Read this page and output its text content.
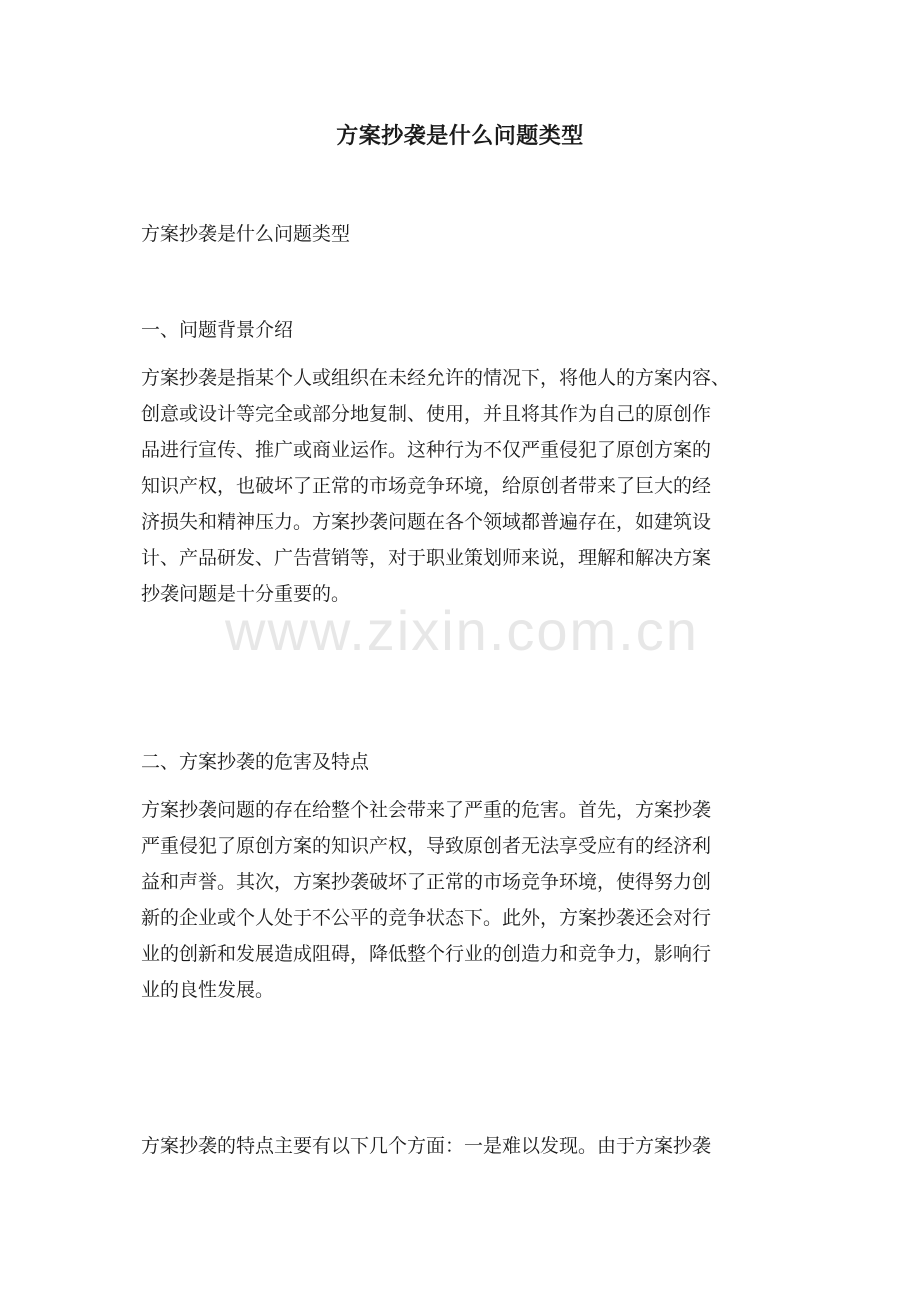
方案抄袭是什么问题类型
方案抄袭是什么问题类型
一、问题背景介绍
方案抄袭是指某个人或组织在未经允许的情况下，将他人的方案内容、
创意或设计等完全或部分地复制、使用，并且将其作为自己的原创作
品进行宣传、推广或商业运作。这种行为不仅严重侵犯了原创方案的
知识产权，也破坏了正常的市场竞争环境，给原创者带来了巨大的经
济损失和精神压力。方案抄袭问题在各个领域都普遍存在，如建筑设
计、产品研发、广告营销等，对于职业策划师来说，理解和解决方案
抄袭问题是十分重要的。
二、方案抄袭的危害及特点
方案抄袭问题的存在给整个社会带来了严重的危害。首先，方案抄袭
严重侵犯了原创方案的知识产权，导致原创者无法享受应有的经济利
益和声誉。其次，方案抄袭破坏了正常的市场竞争环境，使得努力创
新的企业或个人处于不公平的竞争状态下。此外，方案抄袭还会对行
业的创新和发展造成阻碍，降低整个行业的创造力和竞争力，影响行
业的良性发展。
方案抄袭的特点主要有以下几个方面：一是难以发现。由于方案抄袭
www.zixin.com.cn
